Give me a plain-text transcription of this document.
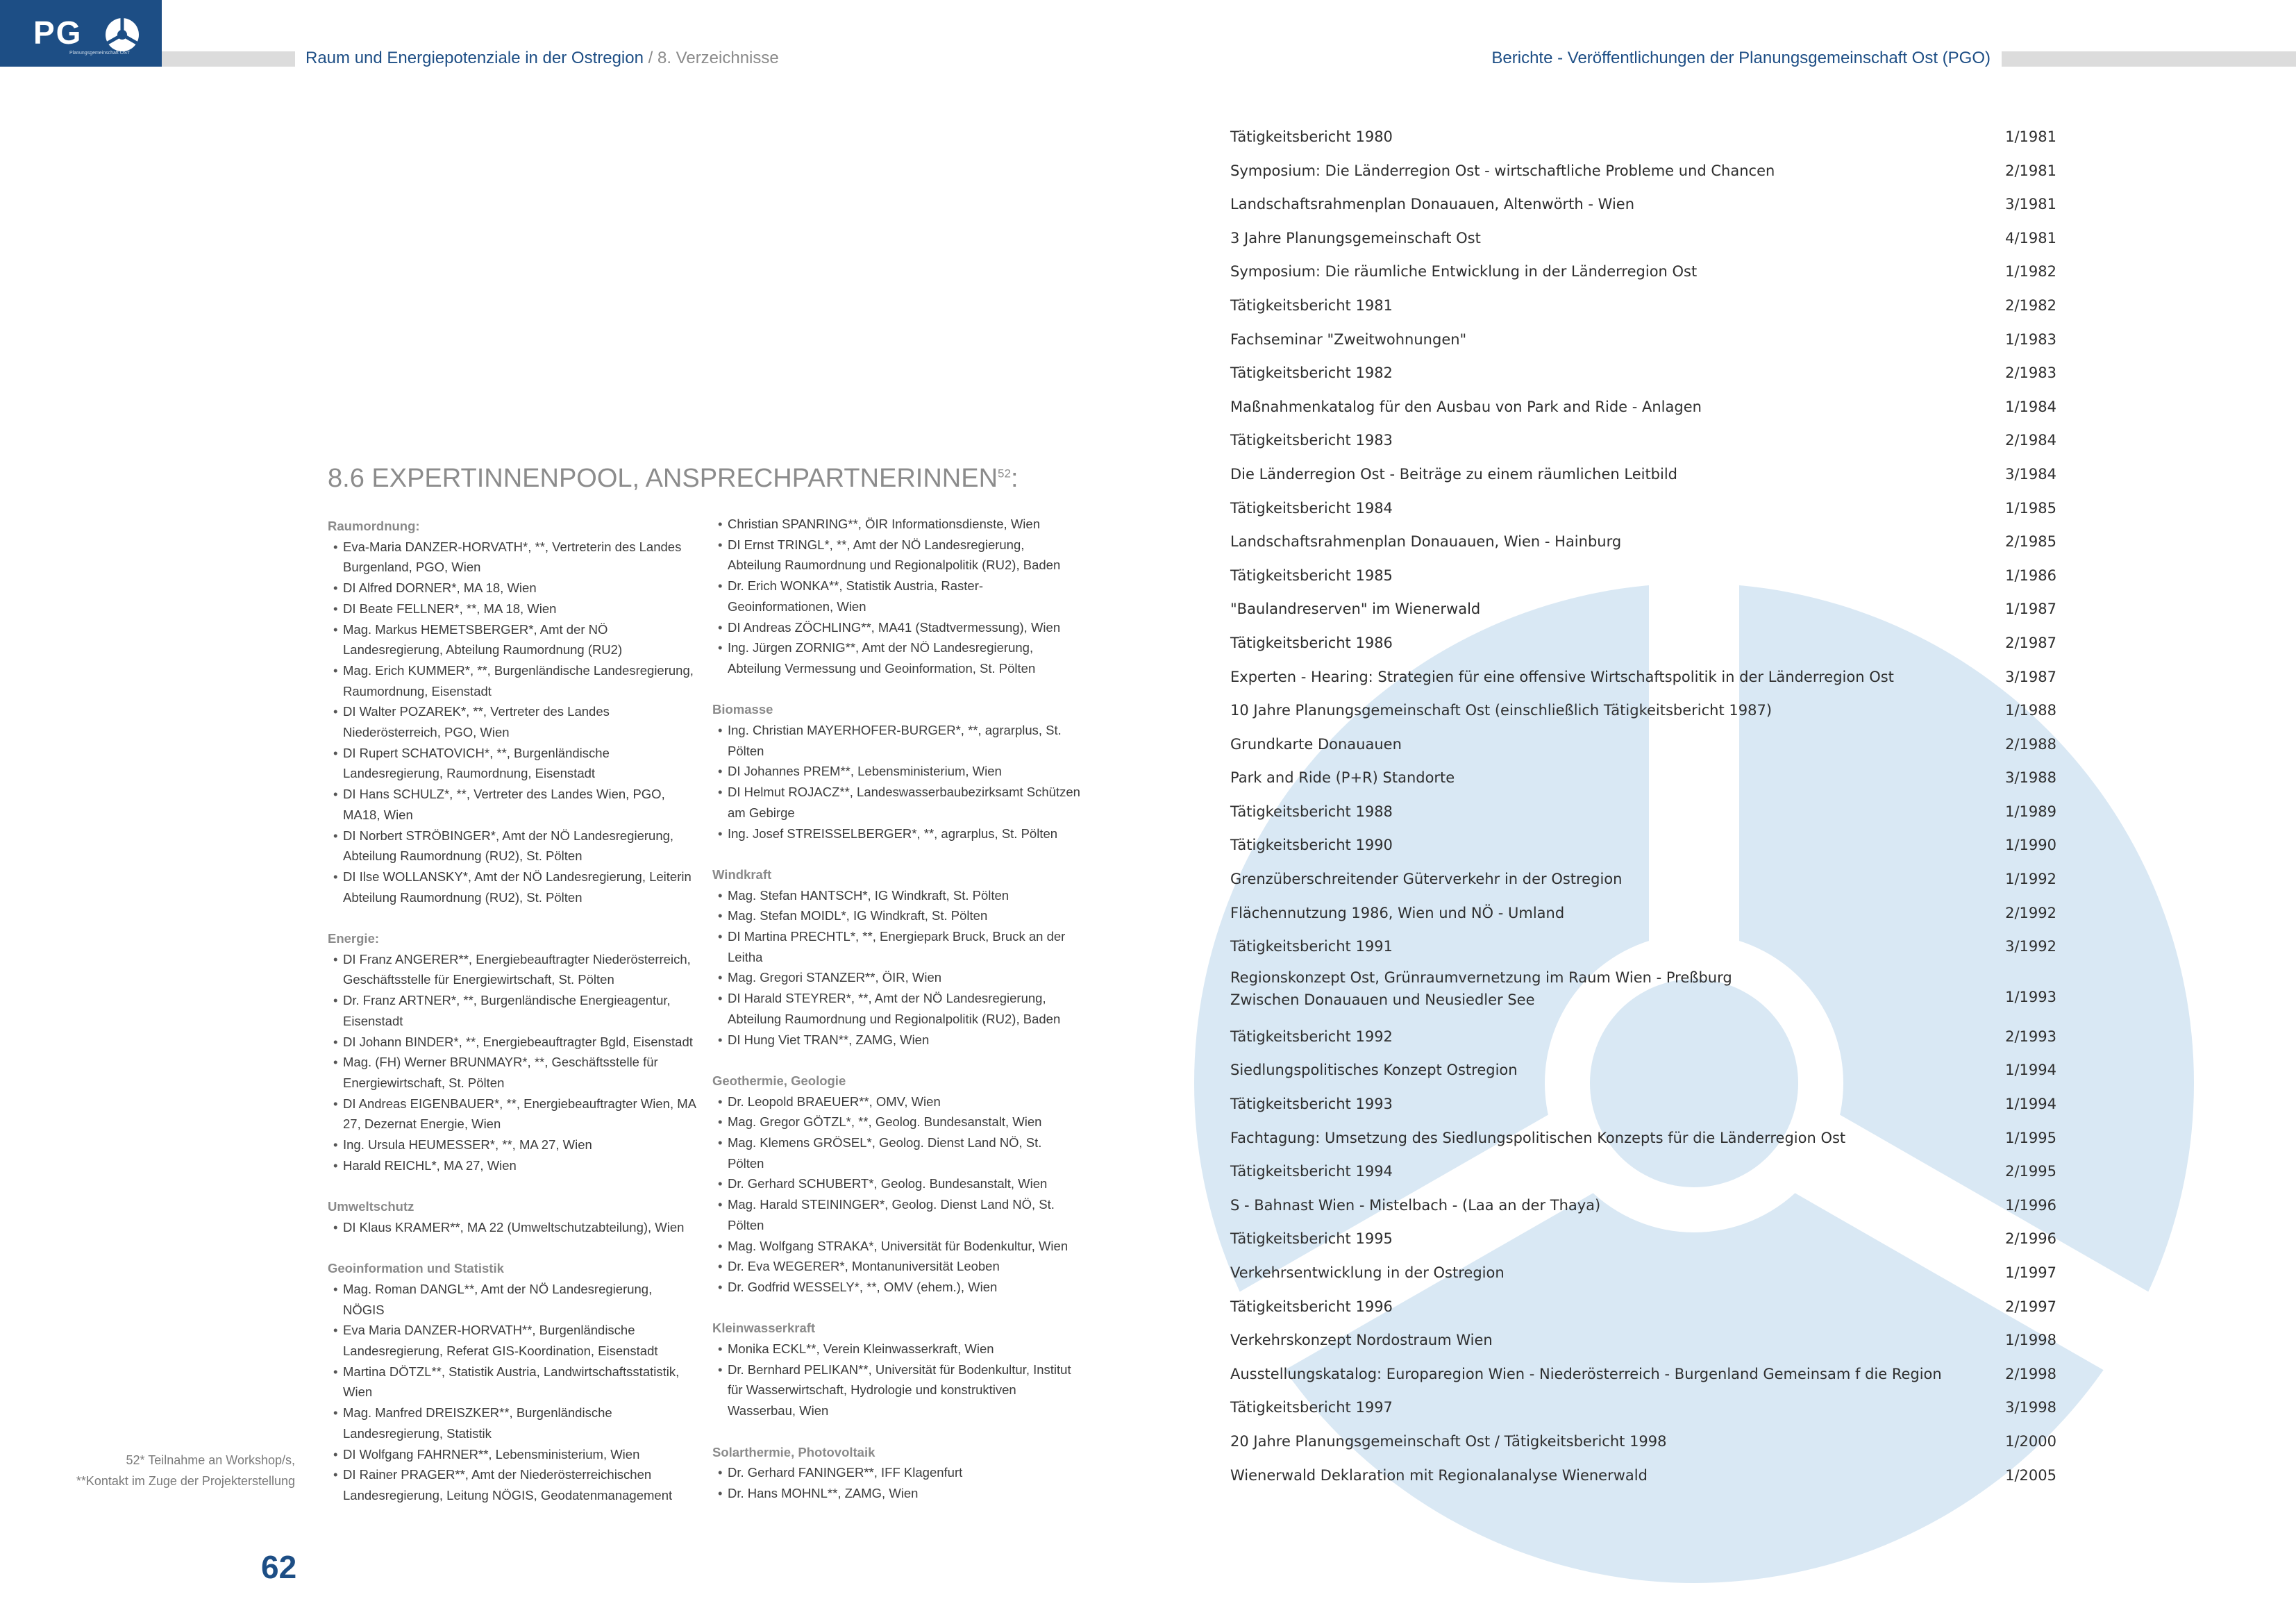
PG
Planungsgemeinschaft OST	Raum und Energiepotenziale in der Ostregion / 8. Verzeichnisse	Berichte - Veröffentlichungen der Planungsgemeinschaft Ost (PGO)
8.6 EXPERTINNENPOOL, ANSPRECHPARTNERINNEN$^{52}$:
Raumordnung:
• Eva-Maria DANZER-HORVATH*, **, Vertreterin des Landes Burgenland, PGO, Wien
• DI Alfred DORNER*, MA 18, Wien
• DI Beate FELLNER*, **, MA 18, Wien
• Mag. Markus HEMETSBERGER*, Amt der NÖ Landesregierung, Abteilung Raumordnung (RU2)
• Mag. Erich KUMMER*, **, Burgenländische Landesregierung, Raumordnung, Eisenstadt
• DI Walter POZAREK*, **, Vertreter des Landes Niederösterreich, PGO, Wien
• DI Rupert SCHATOVICH*, **, Burgenländische Landesregierung, Raumordnung, Eisenstadt
• DI Hans SCHULZ*, **, Vertreter des Landes Wien, PGO, MA18, Wien
• DI Norbert STRÖBINGER*, Amt der NÖ Landesregierung, Abteilung Raumordnung (RU2), St. Pölten
• DI Ilse WOLLANSKY*, Amt der NÖ Landesregierung, Leiterin Abteilung Raumordnung (RU2), St. Pölten
Energie:
• DI Franz ANGERER**, Energiebeauftragter Niederösterreich, Geschäftsstelle für Energiewirtschaft, St. Pölten
• Dr. Franz ARTNER*, **, Burgenländische Energieagentur, Eisenstadt
• DI Johann BINDER*, **, Energiebeauftragter Bgld, Eisenstadt
• Mag. (FH) Werner BRUNMAYR*, **, Geschäftsstelle für Energiewirtschaft, St. Pölten
• DI Andreas EIGENBAUER*, **, Energiebeauftragter Wien, MA 27, Dezernat Energie, Wien
• Ing. Ursula HEUMESSER*, **, MA 27, Wien
• Harald REICHL*, MA 27, Wien
Umweltschutz
• DI Klaus KRAMER**, MA 22 (Umweltschutzabteilung), Wien
Geoinformation und Statistik
• Mag. Roman DANGL**, Amt der NÖ Landesregierung, NÖGIS
• Eva Maria DANZER-HORVATH**, Burgenländische Landesregierung, Referat GIS-Koordination, Eisenstadt
• Martina DÖTZL**, Statistik Austria, Landwirtschaftsstatistik, Wien
• Mag. Manfred DREISZKER**, Burgenländische Landesregierung, Statistik
• DI Wolfgang FAHRNER**, Lebensministerium, Wien
• DI Rainer PRAGER**, Amt der Niederösterreichischen Landesregierung, Leitung NÖGIS, Geodatenmanagement
• Christian SPANRING**, ÖIR Informationsdienste, Wien
• DI Ernst TRINGL*, **, Amt der NÖ Landesregierung, Abteilung Raumordnung und Regionalpolitik (RU2), Baden
• Dr. Erich WONKA**, Statistik Austria, Raster-Geoinformationen, Wien
• DI Andreas ZÖCHLING**, MA41 (Stadtvermessung), Wien
• Ing. Jürgen ZORNIG**, Amt der NÖ Landesregierung, Abteilung Vermessung und Geoinformation, St. Pölten
Biomasse
• Ing. Christian MAYERHOFER-BURGER*, **, agrarplus, St. Pölten
• DI Johannes PREM**, Lebensministerium, Wien
• DI Helmut ROJACZ**, Landeswasserbaubezirksamt Schützen am Gebirge
• Ing. Josef STREISSELBERGER*, **, agrarplus, St. Pölten
Windkraft
• Mag. Stefan HANTSCH*, IG Windkraft, St. Pölten
• Mag. Stefan MOIDL*, IG Windkraft, St. Pölten
• DI Martina PRECHTL*, **, Energiepark Bruck, Bruck an der Leitha
• Mag. Gregori STANZER**, ÖIR, Wien
• DI Harald STEYRER*, **, Amt der NÖ Landesregierung, Abteilung Raumordnung und Regionalpolitik (RU2), Baden
• DI Hung Viet TRAN**, ZAMG, Wien
Geothermie, Geologie
• Dr. Leopold BRAEUER**, OMV, Wien
• Mag. Gregor GÖTZL*, **, Geolog. Bundesanstalt, Wien
• Mag. Klemens GRÖSEL*, Geolog. Dienst Land NÖ, St. Pölten
• Dr. Gerhard SCHUBERT*, Geolog. Bundesanstalt, Wien
• Mag. Harald STEININGER*, Geolog. Dienst Land NÖ, St. Pölten
• Mag. Wolfgang STRAKA*, Universität für Bodenkultur, Wien
• Dr. Eva WEGERER*, Montanuniversität Leoben
• Dr. Godfrid WESSELY*, **, OMV (ehem.), Wien
Kleinwasserkraft
• Monika ECKL**, Verein Kleinwasserkraft, Wien
• Dr. Bernhard PELIKAN**, Universität für Bodenkultur, Institut für Wasserwirtschaft, Hydrologie und konstruktiven Wasserbau, Wien
Solarthermie, Photovoltaik
• Dr. Gerhard FANINGER**, IFF Klagenfurt
• Dr. Hans MOHNL**, ZAMG, Wien
52* Teilnahme an Workshop/s,
**Kontakt im Zuge der Projekterstellung
62
Tätigkeitsbericht 1980	1/1981
Symposium: Die Länderregion Ost - wirtschaftliche Probleme und Chancen	2/1981
Landschaftsrahmenplan Donauauen, Altenwörth - Wien	3/1981
3 Jahre Planungsgemeinschaft Ost	4/1981
Symposium: Die räumliche Entwicklung in der Länderregion Ost	1/1982
Tätigkeitsbericht 1981	2/1982
Fachseminar "Zweitwohnungen"	1/1983
Tätigkeitsbericht 1982	2/1983
Maßnahmenkatalog für den Ausbau von Park and Ride - Anlagen	1/1984
Tätigkeitsbericht 1983	2/1984
Die Länderregion Ost - Beiträge zu einem räumlichen Leitbild	3/1984
Tätigkeitsbericht 1984	1/1985
Landschaftsrahmenplan Donauauen, Wien - Hainburg	2/1985
Tätigkeitsbericht 1985	1/1986
"Baulandreserven" im Wienerwald	1/1987
Tätigkeitsbericht 1986	2/1987
Experten - Hearing: Strategien für eine offensive Wirtschaftspolitik in der Länderregion Ost	3/1987
10 Jahre Planungsgemeinschaft Ost (einschließlich Tätigkeitsbericht 1987)	1/1988
Grundkarte Donauauen	2/1988
Park and Ride (P+R) Standorte	3/1988
Tätigkeitsbericht 1988	1/1989
Tätigkeitsbericht 1990	1/1990
Grenzüberschreitender Güterverkehr in der Ostregion	1/1992
Flächennutzung 1986, Wien und NÖ - Umland	2/1992
Tätigkeitsbericht 1991	3/1992
Regionskonzept Ost, Grünraumvernetzung im Raum Wien - Preßburg
Zwischen Donauauen und Neusiedler See	1/1993
Tätigkeitsbericht 1992	2/1993
Siedlungspolitisches Konzept Ostregion	1/1994
Tätigkeitsbericht 1993	1/1994
Fachtagung: Umsetzung des Siedlungspolitischen Konzepts für die Länderregion Ost	1/1995
Tätigkeitsbericht 1994	2/1995
S - Bahnast Wien - Mistelbach - (Laa an der Thaya)	1/1996
Tätigkeitsbericht 1995	2/1996
Verkehrsentwicklung in der Ostregion	1/1997
Tätigkeitsbericht 1996	2/1997
Verkehrskonzept Nordostraum Wien	1/1998
Ausstellungskatalog: Europaregion Wien - Niederösterreich - Burgenland Gemeinsam f die Region	2/1998
Tätigkeitsbericht 1997	3/1998
20 Jahre Planungsgemeinschaft Ost / Tätigkeitsbericht 1998	1/2000
Wienerwald Deklaration mit Regionalanalyse Wienerwald	1/2005
